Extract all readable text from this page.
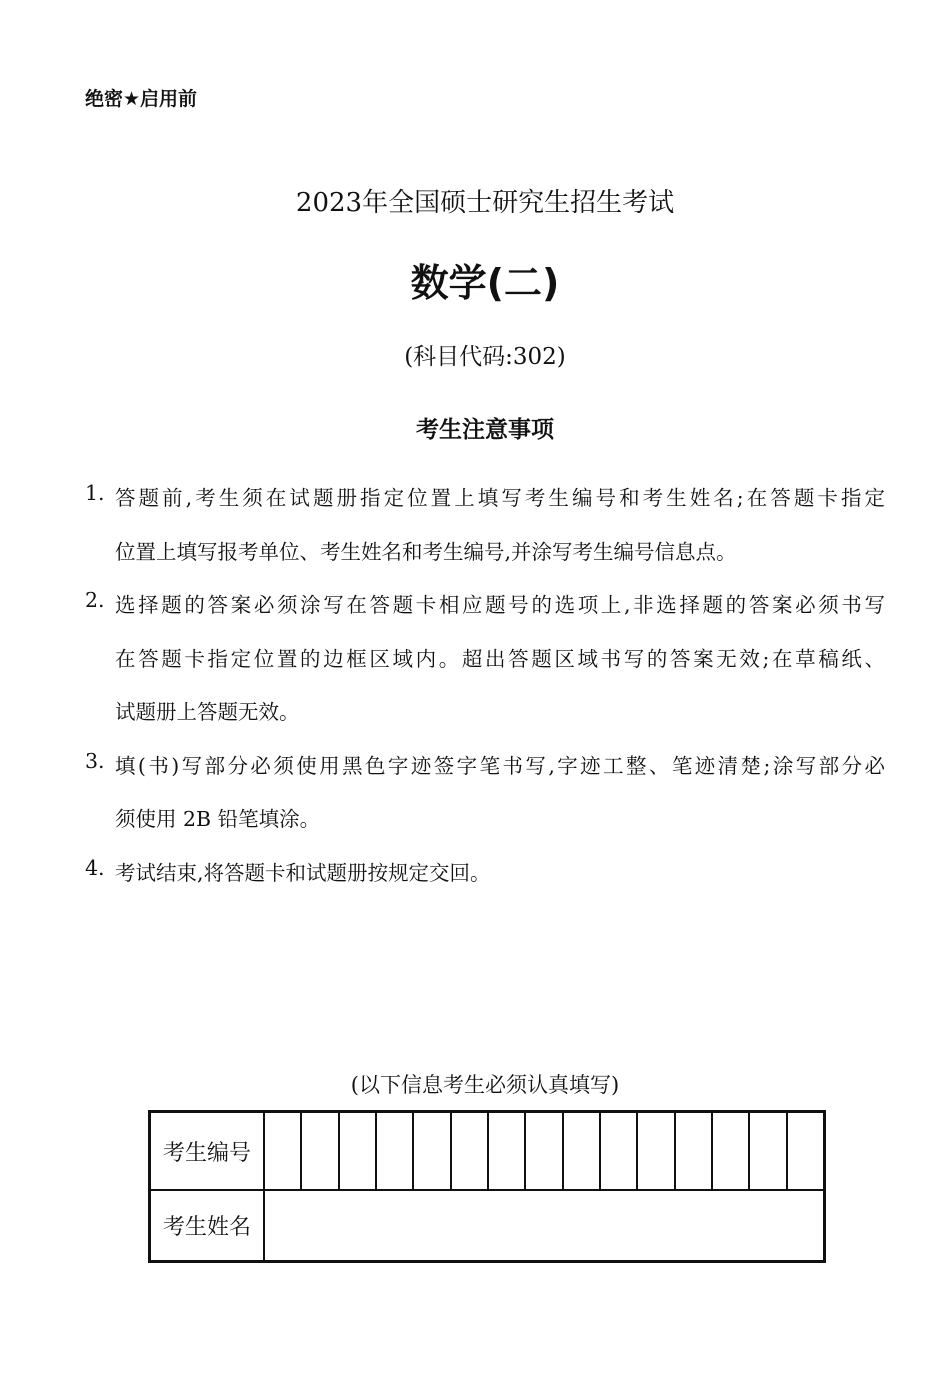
绝密★启用前
2023年全国硕士研究生招生考试
数学(二)
(科目代码:302)
考生注意事项
1. 答题前,考生须在试题册指定位置上填写考生编号和考生姓名;在答题卡指定
位置上填写报考单位、考生姓名和考生编号,并涂写考生编号信息点。
2. 选择题的答案必须涂写在答题卡相应题号的选项上,非选择题的答案必须书写
在答题卡指定位置的边框区域内。超出答题区域书写的答案无效;在草稿纸、
试题册上答题无效。
3. 填(书)写部分必须使用黑色字迹签字笔书写,字迹工整、笔迹清楚;涂写部分必
须使用 2B 铅笔填涂。
4. 考试结束,将答题卡和试题册按规定交回。
(以下信息考生必须认真填写)
考生编号
考生姓名
